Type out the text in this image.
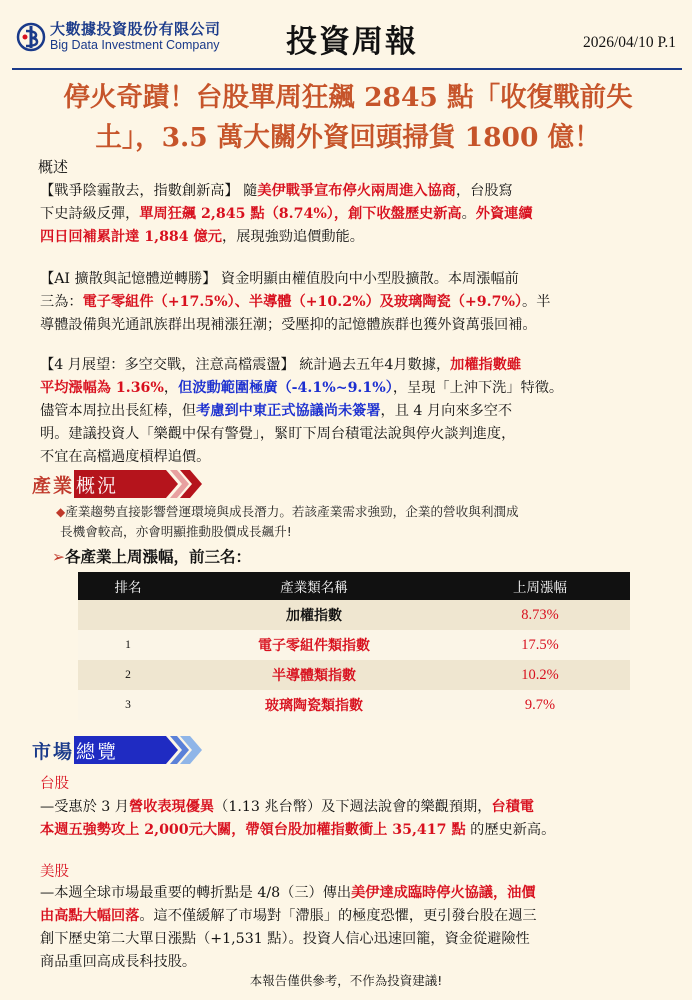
大數據投資股份有限公司
Big Data Investment Company 投資周報	2026/04/10 P.1
停火奇蹟！台股單周狂飆 2845 點「收復戰前失
土」，3.5 萬大關外資回頭掃貨 1800 億！
概述
【戰爭陰霾散去，指數創新高】 隨美伊戰爭宣布停火兩周進入協商，台股寫
下史詩級反彈，單周狂飆 2,845 點（8.74%），創下收盤歷史新高。外資連續
四日回補累計達 1,884 億元，展現強勁追價動能。
【AI 擴散與記憶體逆轉勝】 資金明顯由權值股向中小型股擴散。本周漲幅前
三為：電子零組件（+17.5%）、半導體（+10.2%）及玻璃陶瓷（+9.7%）。半
導體設備與光通訊族群出現補漲狂潮；受壓抑的記憶體族群也獲外資萬張回補。
【4 月展望：多空交戰，注意高檔震盪】 統計過去五年4月數據，加權指數雖
平均漲幅為 1.36%，但波動範圍極廣（-4.1%~9.1%），呈現「上沖下洗」特徵。
儘管本周拉出長紅棒，但考慮到中東正式協議尚未簽署，且 4 月向來多空不
明。建議投資人「樂觀中保有警覺」，緊盯下周台積電法說與停火談判進度，
不宜在高檔過度槓桿追價。
產業 概況
◆產業趨勢直接影響營運環境與成長潛力。若該產業需求強勁，企業的營收與利潤成
長機會較高，亦會明顯推動股價成長飆升!
➢各產業上周漲幅，前三名：
排名	產業類名稱	上周漲幅
	加權指數	8.73%
1	電子零組件類指數	17.5%
2	半導體類指數	10.2%
3	玻璃陶瓷類指數	9.7%
市場 總覽
台股
—受惠於 3 月營收表現優異（1.13 兆台幣）及下週法說會的樂觀預期，台積電
本週五強勢攻上 2,000元大關，帶領台股加權指數衝上 35,417 點 的歷史新高。
美股
—本週全球市場最重要的轉折點是 4/8（三）傳出美伊達成臨時停火協議，油價
由高點大幅回落。這不僅緩解了市場對「滯脹」的極度恐懼，更引發台股在週三
創下歷史第二大單日漲點（+1,531 點）。投資人信心迅速回籠，資金從避險性
商品重回高成長科技股。
本報告僅供參考，不作為投資建議!
